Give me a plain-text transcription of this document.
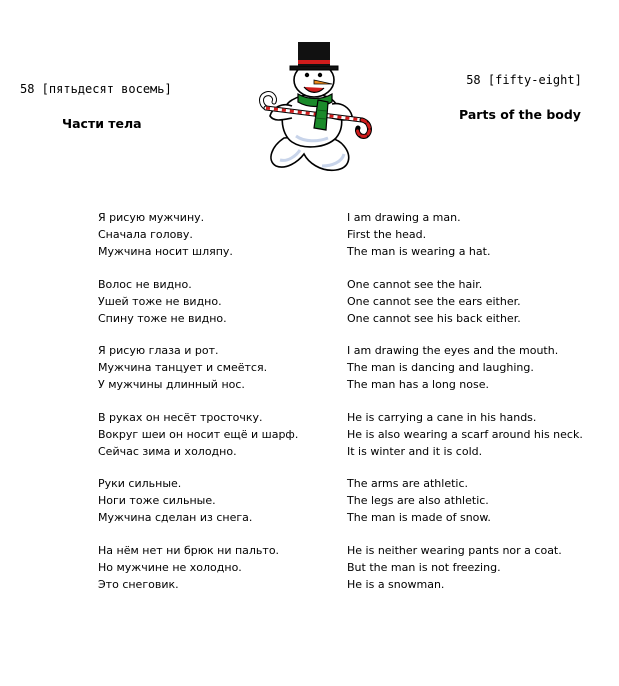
58 [пятьдесят восемь]
Части тела
58 [fifty-eight]
Parts of the body
Я рисую мужчину.	I am drawing a man.
Сначала голову.	First the head.
Мужчина носит шляпу.	The man is wearing a hat.
Волос не видно.	One cannot see the hair.
Ушей тоже не видно.	One cannot see the ears either.
Спину тоже не видно.	One cannot see his back either.
Я рисую глаза и рот.	I am drawing the eyes and the mouth.
Мужчина танцует и смеётся.	The man is dancing and laughing.
У мужчины длинный нос.	The man has a long nose.
В руках он несёт тросточку.	He is carrying a cane in his hands.
Вокруг шеи он носит ещё и шарф.	He is also wearing a scarf around his neck.
Сейчас зима и холодно.	It is winter and it is cold.
Руки сильные.	The arms are athletic.
Ноги тоже сильные.	The legs are also athletic.
Мужчина сделан из снега.	The man is made of snow.
На нём нет ни брюк ни пальто.	He is neither wearing pants nor a coat.
Но мужчине не холодно.	But the man is not freezing.
Это снеговик.	He is a snowman.
